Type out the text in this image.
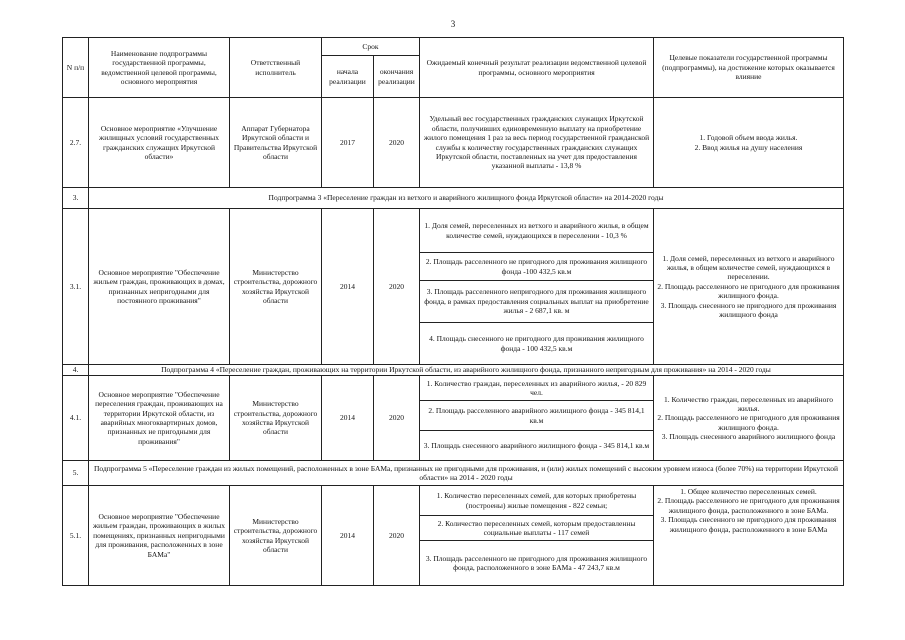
3
N п/п	Наименование подпрограммы государственной программы, ведомственной целевой программы, основного мероприятия	Ответственный исполнитель	Срок		Ожидаемый конечный результат реализации ведомственной целевой программы, основного мероприятия	Целевые показатели государственной программы (подпрограммы), на достижение которых оказывается влияние
			начала реализации	окончания реализации		
2.7.	Основное мероприятие «Улучшение жилищных условий государственных гражданских служащих Иркутской области»	Аппарат Губернатора Иркутской области и Правительства Иркутской области	2017	2020	Удельный вес государственных гражданских служащих Иркутской области, получивших единовременную выплату на приобретение жилого помещения 1 раз за весь период государственной гражданской службы к количеству государственных гражданских служащих Иркутской области, поставленных на учет для предоставления указанной выплаты - 13,8 %	1. Годовой объем ввода жилья.
2. Ввод жилья на душу населения

3.	Подпрограмма 3 «Переселение граждан из ветхого и аварийного жилищного фонда Иркутской области» на 2014-2020 годы					
3.1.	Основное мероприятие "Обеспечение жильем граждан, проживающих в домах, признанных непригодными для постоянного проживания"	Министерство строительства, дорожного хозяйства Иркутской области	2014	2020	1. Доля семей, переселенных из ветхого и аварийного жилья, в общем количестве семей, нуждающихся в переселении - 10,3 %	1. Доля семей, переселенных из ветхого и аварийного жилья, в общем количестве семей, нуждающихся в переселении.
2. Площадь расселенного не пригодного для проживания жилищного фонда.
3. Площадь снесенного не пригодного для проживания жилищного фонда

					2. Площадь расселенного не пригодного для проживания жилищного фонда -100 432,5 кв.м	
					3. Площадь расселенного непригодного для проживания жилищного фонда, в рамках предоставления социальных выплат на приобретение жилья - 2 687,1 кв. м	
					4. Площадь снесенного не пригодного для проживания жилищного фонда - 100 432,5 кв.м	
4.	Подпрограмма 4 «Переселение граждан, проживающих на территории Иркутской области, из аварийного жилищного фонда, признанного непригодным для проживания» на 2014 - 2020 годы					
4.1.	Основное мероприятие "Обеспечение переселения граждан, проживающих на территории Иркутской области, из аварийных многоквартирных домов, признанных не пригодными для проживания"	Министерство строительства, дорожного хозяйства Иркутской области	2014	2020	1. Количество граждан, переселенных из аварийного жилья, - 20 829 чел.	1. Количество граждан, переселенных из аварийного жилья.
2. Площадь расселенного не пригодного для проживания жилищного фонда.
3. Площадь снесенного аварийного жилищного фонда

					2. Площадь расселенного аварийного жилищного фонда - 345 814,1 кв.м	
					3. Площадь снесенного аварийного жилищного фонда - 345 814,1 кв.м	
5.	Подпрограмма 5 «Переселение граждан из жилых помещений, расположенных в зоне БАМа, признанных не пригодными для проживания, и (или) жилых помещений с высоким уровнем износа (более 70%) на территории Иркутской области» на 2014 - 2020 годы					
5.1.	Основное мероприятие "Обеспечение жильем граждан, проживающих в жилых помещениях, признанных непригодными для проживания, расположенных в зоне БАМа"	Министерство строительства, дорожного хозяйства Иркутской области	2014	2020	1. Количество переселенных семей, для которых приобретены (построены) жилые помещения - 822 семьи;	1. Общее количество переселенных семей.
2. Площадь расселенного не пригодного для проживания жилищного фонда, расположенного в зоне БАМа.
3. Площадь снесенного не пригодного для проживания жилищного фонда, расположенного в зоне БАМа

					2. Количество переселенных семей, которым предоставленны социальные выплаты - 117 семей	
					3. Площадь расселенного не пригодного для проживания жилищного фонда, расположенного в зоне БАМа - 47 243,7 кв.м	
